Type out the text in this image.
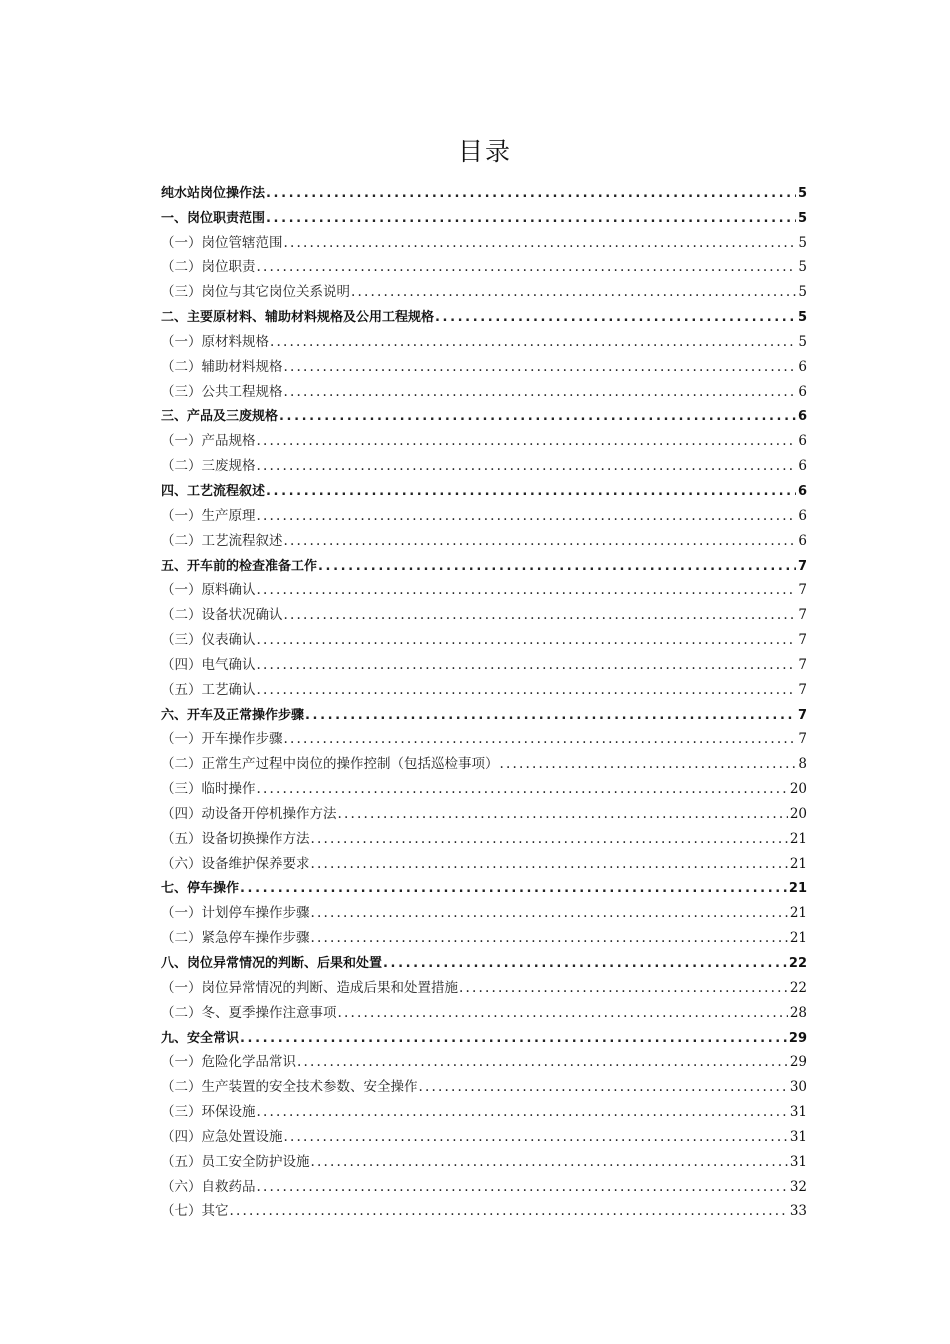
目录
纯水站岗位操作法 .....	5
一、岗位职责范围 .....	5
（一）岗位管辖范围 .....	5
（二）岗位职责 .....	5
（三）岗位与其它岗位关系说明 .....	5
二、主要原材料、辅助材料规格及公用工程规格 .....	5
（一）原材料规格 .....	5
（二）辅助材料规格 .....	6
（三）公共工程规格 .....	6
三、产品及三废规格 .....	6
（一）产品规格 .....	6
（二）三废规格 .....	6
四、工艺流程叙述 .....	6
（一）生产原理 .....	6
（二）工艺流程叙述 .....	6
五、开车前的检查准备工作 .....	7
（一）原料确认 .....	7
（二）设备状况确认 .....	7
（三）仪表确认 .....	7
（四）电气确认 .....	7
（五）工艺确认 .....	7
六、开车及正常操作步骤 .....	7
（一）开车操作步骤 .....	7
（二）正常生产过程中岗位的操作控制（包括巡检事项） .....	8
（三）临时操作 .....	20
（四）动设备开停机操作方法 .....	20
（五）设备切换操作方法 .....	21
（六）设备维护保养要求 .....	21
七、停车操作 .....	21
（一）计划停车操作步骤 .....	21
（二）紧急停车操作步骤 .....	21
八、岗位异常情况的判断、后果和处置 .....	22
（一）岗位异常情况的判断、造成后果和处置措施 .....	22
（二）冬、夏季操作注意事项 .....	28
九、安全常识 .....	29
（一）危险化学品常识 .....	29
（二）生产装置的安全技术参数、安全操作 .....	30
（三）环保设施 .....	31
（四）应急处置设施 .....	31
（五）员工安全防护设施 .....	31
（六）自救药品 .....	32
（七）其它 .....	33
